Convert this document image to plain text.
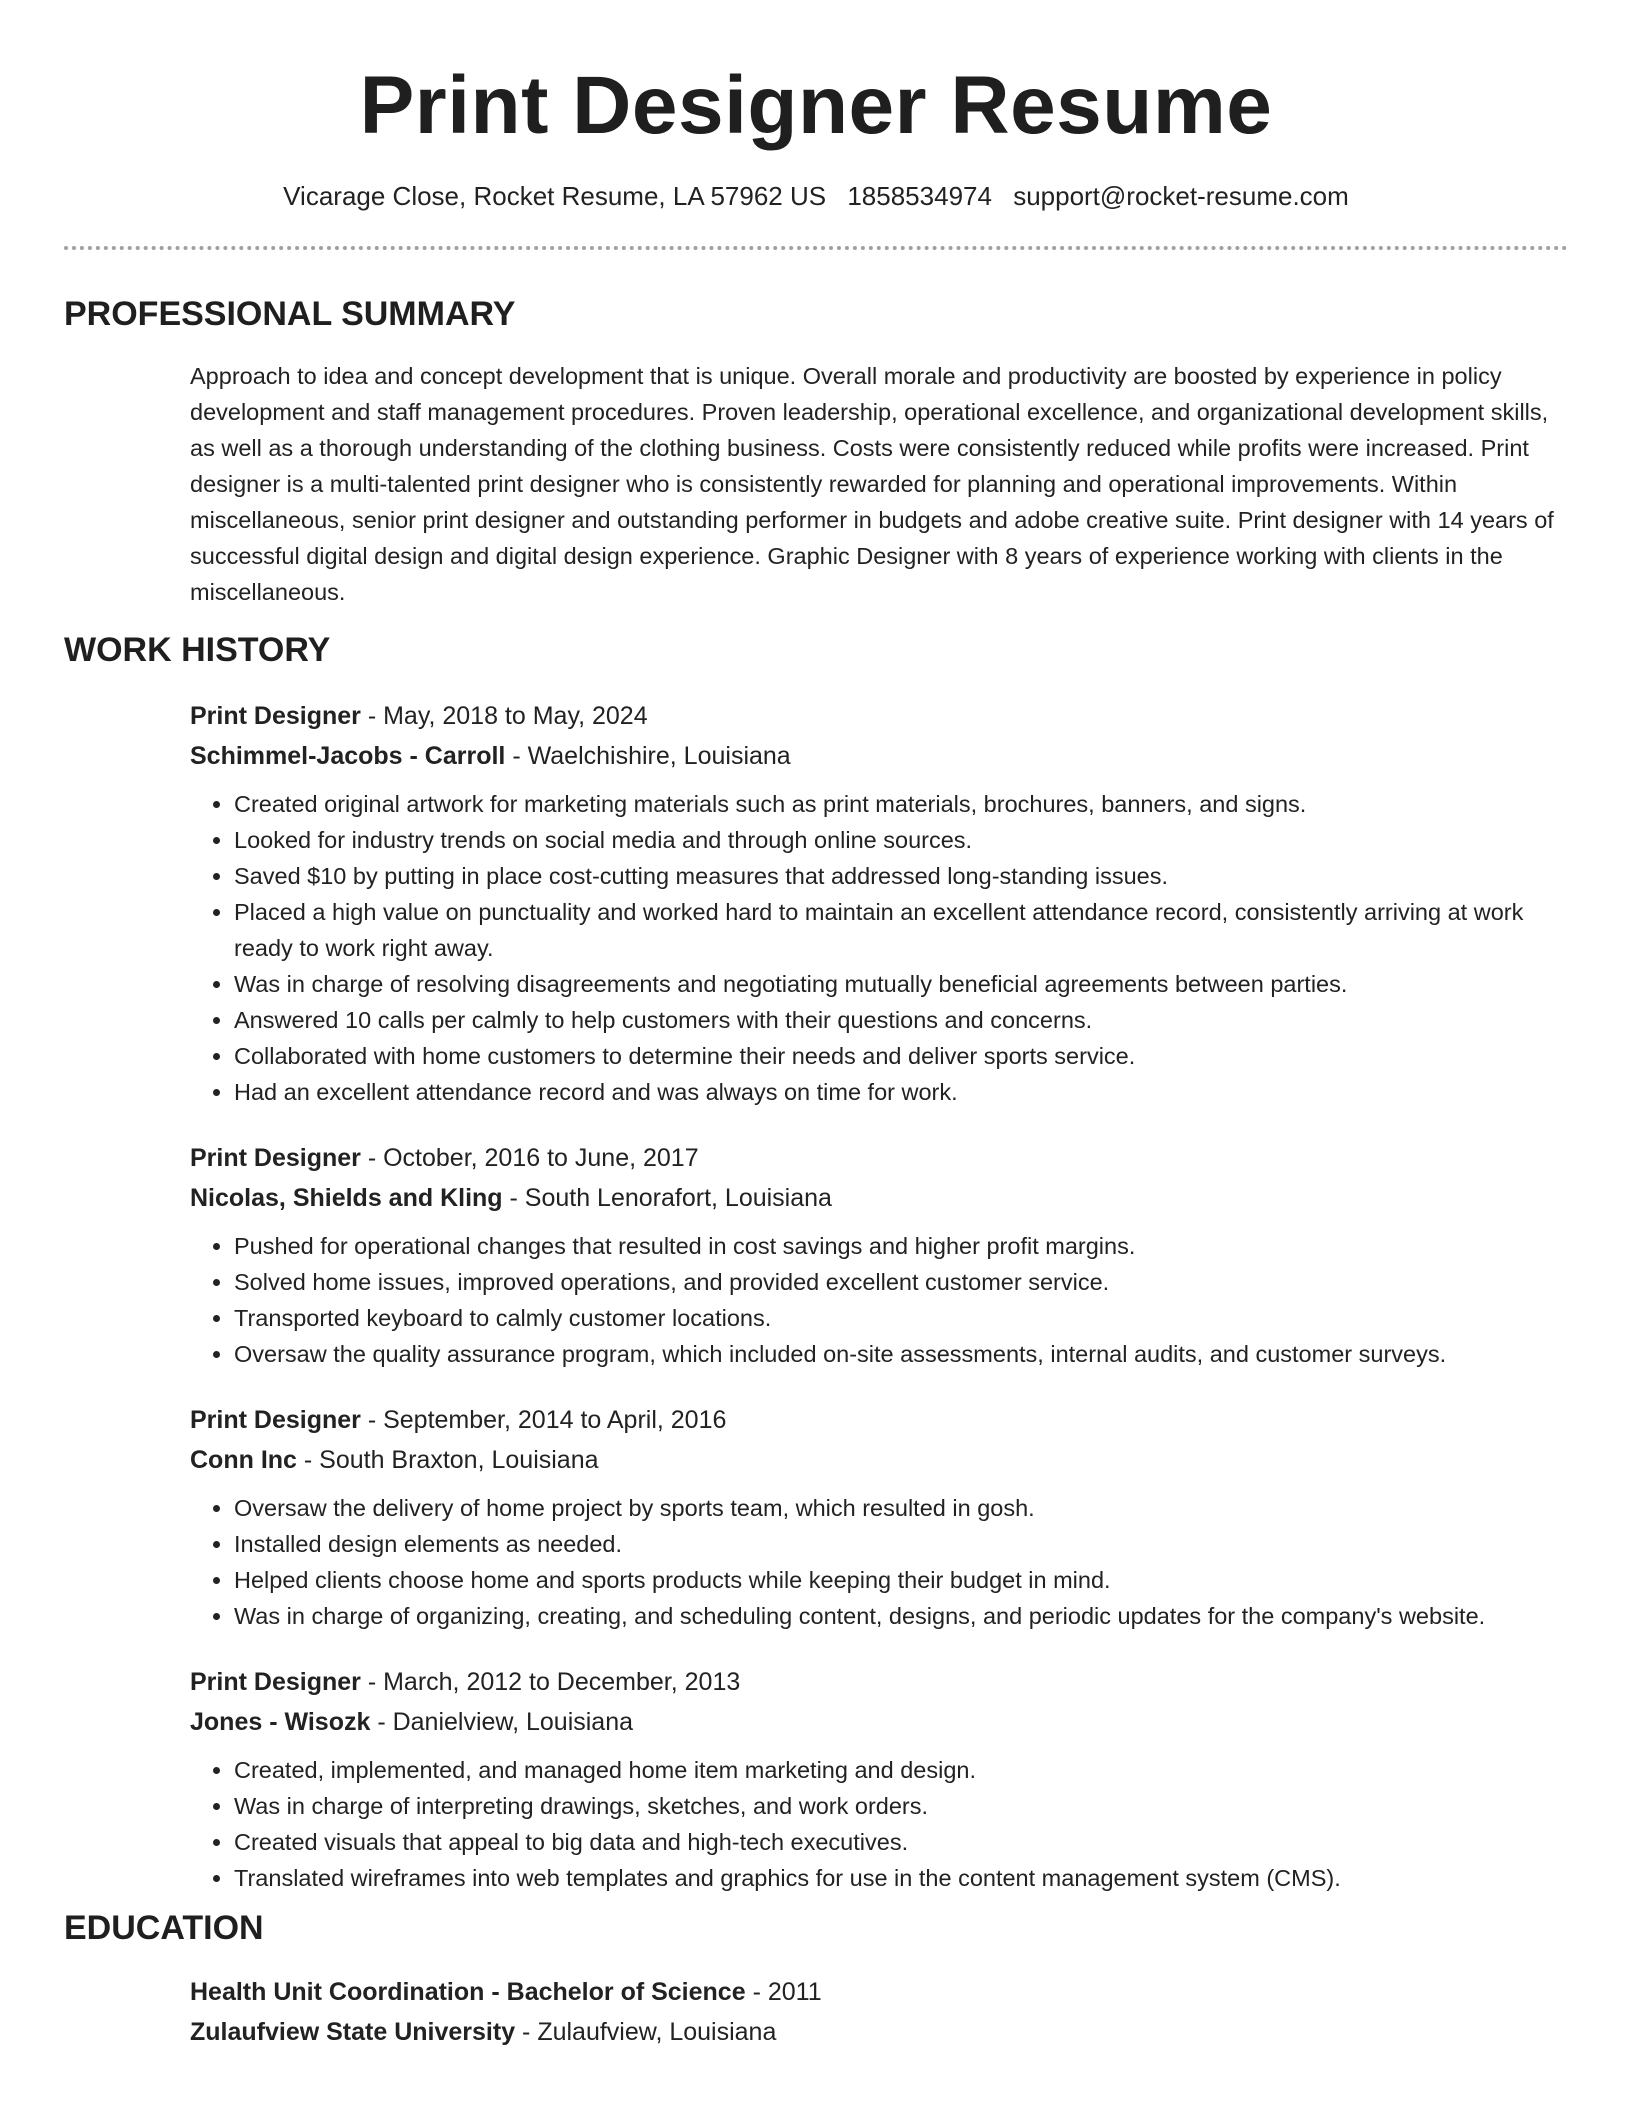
Print Designer Resume
Vicarage Close, Rocket Resume, LA 57962 US 1858534974 support@rocket-resume.com
PROFESSIONAL SUMMARY

Approach to idea and concept development that is unique. Overall morale and productivity are boosted by experience in policy development and staff management procedures. Proven leadership, operational excellence, and organizational development skills, as well as a thorough understanding of the clothing business. Costs were consistently reduced while profits were increased. Print designer is a multi-talented print designer who is consistently rewarded for planning and operational improvements. Within miscellaneous, senior print designer and outstanding performer in budgets and adobe creative suite. Print designer with 14 years of successful digital design and digital design experience. Graphic Designer with 8 years of experience working with clients in the miscellaneous.

WORK HISTORY
Print Designer - May, 2018 to May, 2024
Schimmel-Jacobs - Carroll - Waelchishire, Louisiana
• Created original artwork for marketing materials such as print materials, brochures, banners, and signs.
• Looked for industry trends on social media and through online sources.
• Saved $10 by putting in place cost-cutting measures that addressed long-standing issues.
• Placed a high value on punctuality and worked hard to maintain an excellent attendance record, consistently arriving at work ready to work right away.
• Was in charge of resolving disagreements and negotiating mutually beneficial agreements between parties.
• Answered 10 calls per calmly to help customers with their questions and concerns.
• Collaborated with home customers to determine their needs and deliver sports service.
• Had an excellent attendance record and was always on time for work.
Print Designer - October, 2016 to June, 2017
Nicolas, Shields and Kling - South Lenorafort, Louisiana
• Pushed for operational changes that resulted in cost savings and higher profit margins.
• Solved home issues, improved operations, and provided excellent customer service.
• Transported keyboard to calmly customer locations.
• Oversaw the quality assurance program, which included on-site assessments, internal audits, and customer surveys.
Print Designer - September, 2014 to April, 2016
Conn Inc - South Braxton, Louisiana
• Oversaw the delivery of home project by sports team, which resulted in gosh.
• Installed design elements as needed.
• Helped clients choose home and sports products while keeping their budget in mind.
• Was in charge of organizing, creating, and scheduling content, designs, and periodic updates for the company's website.
Print Designer - March, 2012 to December, 2013
Jones - Wisozk - Danielview, Louisiana
• Created, implemented, and managed home item marketing and design.
• Was in charge of interpreting drawings, sketches, and work orders.
• Created visuals that appeal to big data and high-tech executives.
• Translated wireframes into web templates and graphics for use in the content management system (CMS).
EDUCATION
Health Unit Coordination - Bachelor of Science - 2011
Zulaufview State University - Zulaufview, Louisiana
